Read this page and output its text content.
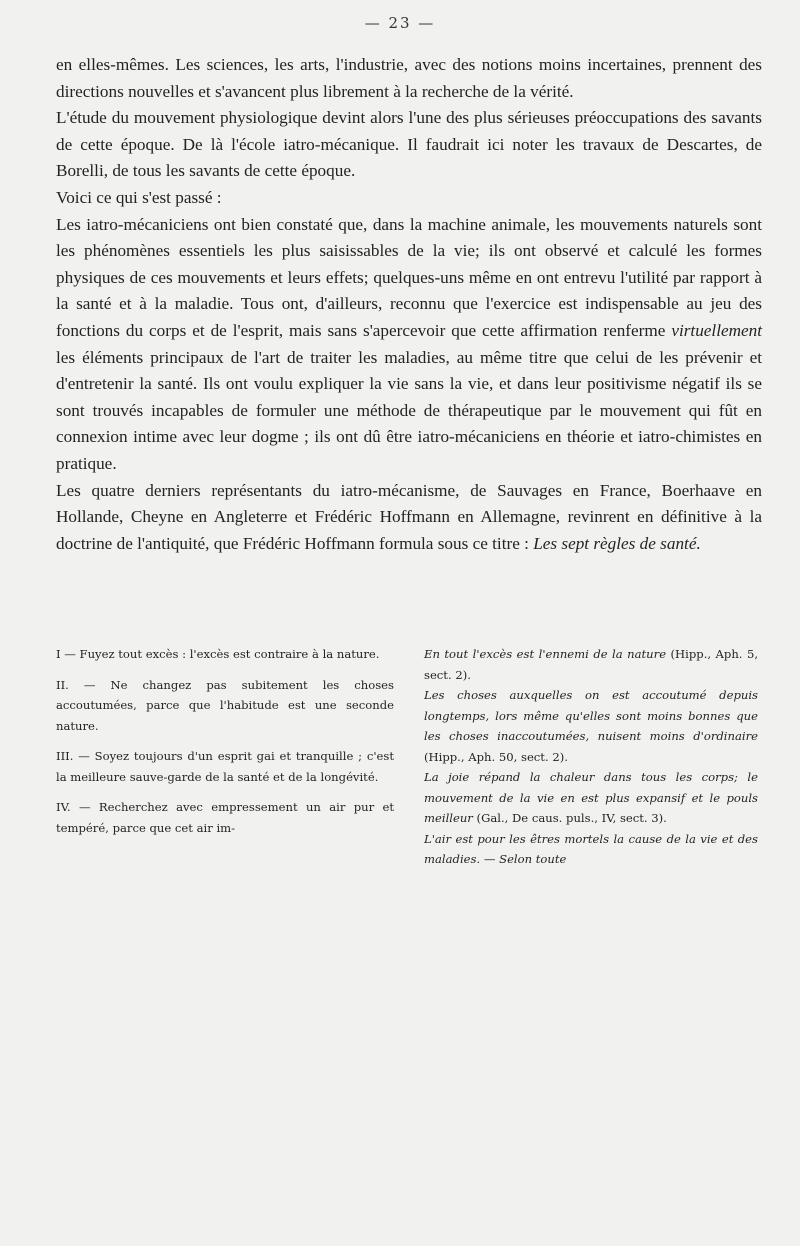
— 23 —

en elles-mêmes. Les sciences, les arts, l'industrie, avec des notions moins incertaines, prennent des directions nouvelles et s'avancent plus librement à la recherche de la vérité.

L'étude du mouvement physiologique devint alors l'une des plus sérieuses préoccupations des savants de cette époque. De là l'école iatro-mécanique. Il faudrait ici noter les travaux de Descartes, de Borelli, de tous les savants de cette époque.

Voici ce qui s'est passé :

Les iatro-mécaniciens ont bien constaté que, dans la machine animale, les mouvements naturels sont les phénomènes essentiels les plus saisissables de la vie; ils ont observé et calculé les formes physiques de ces mouvements et leurs effets; quelques-uns même en ont entrevu l'utilité par rapport à la santé et à la maladie. Tous ont, d'ailleurs, reconnu que l'exercice est indispensable au jeu des fonctions du corps et de l'esprit, mais sans s'apercevoir que cette affirmation renferme virtuellement les éléments principaux de l'art de traiter les maladies, au même titre que celui de les prévenir et d'entretenir la santé. Ils ont voulu expliquer la vie sans la vie, et dans leur positivisme négatif ils se sont trouvés incapables de formuler une méthode de thérapeutique par le mouvement qui fût en connexion intime avec leur dogme ; ils ont dû être iatro-mécaniciens en théorie et iatro-chimistes en pratique.

Les quatre derniers représentants du iatro-mécanisme, de Sauvages en France, Boerhaave en Hollande, Cheyne en Angleterre et Frédéric Hoffmann en Allemagne, revinrent en définitive à la doctrine de l'antiquité, que Frédéric Hoffmann formula sous ce titre : Les sept règles de santé.

I — Fuyez tout excès : l'excès est contraire à la nature.

II. — Ne changez pas subitement les choses accoutumées, parce que l'habitude est une seconde nature.

III. — Soyez toujours d'un esprit gai et tranquille ; c'est la meilleure sauve-garde de la santé et de la longévité.

IV. — Recherchez avec empressement un air pur et tempéré, parce que cet air im-

En tout l'excès est l'ennemi de la nature (Hipp., Aph. 5, sect. 2).

Les choses auxquelles on est accoutumé depuis longtemps, lors même qu'elles sont moins bonnes que les choses inaccoutumées, nuisent moins d'ordinaire (Hipp., Aph. 50, sect. 2).

La joie répand la chaleur dans tous les corps; le mouvement de la vie en est plus expansif et le pouls meilleur (Gal., De caus. puls., IV, sect. 3).

L'air est pour les êtres mortels la cause de la vie et des maladies. — Selon toute
